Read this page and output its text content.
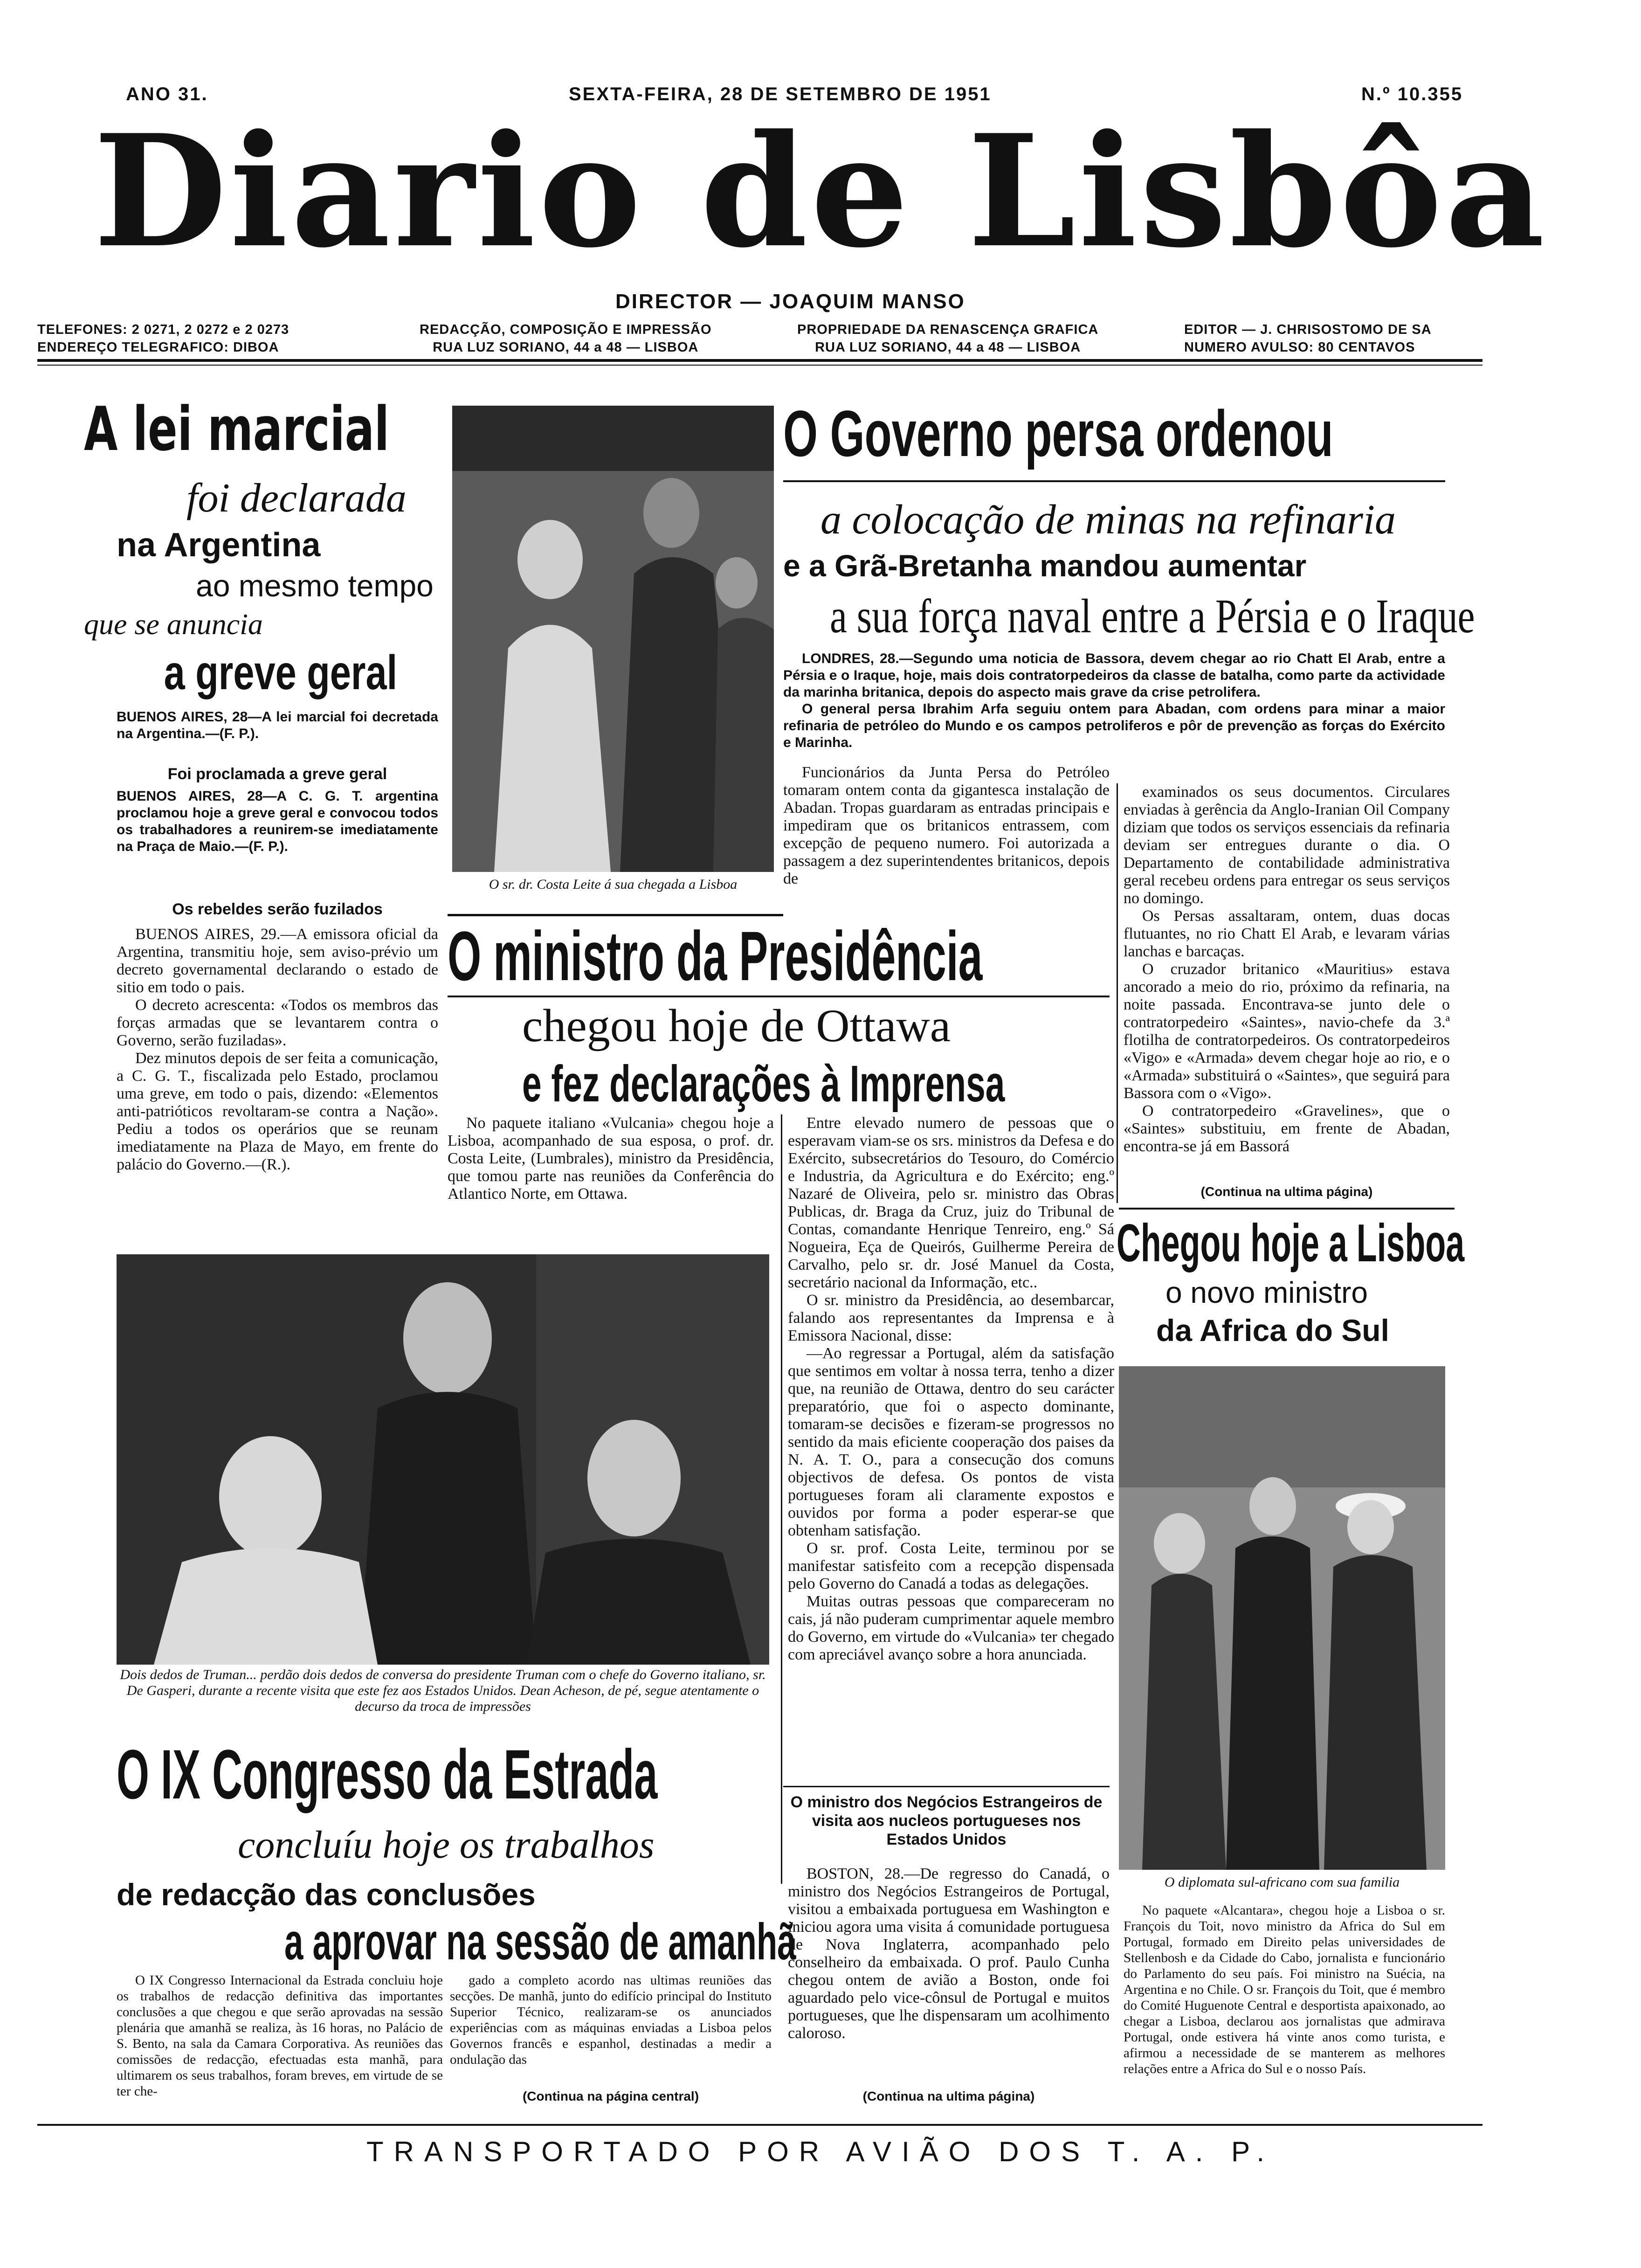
ANO 31.	SEXTA-FEIRA, 28 DE SETEMBRO DE 1951	N.º 10.355
Diario de Lisbôa
DIRECTOR — JOAQUIM MANSO
TELEFONES: 2 0271, 2 0272 e 2 0273
ENDEREÇO TELEGRAFICO: DIBOA
REDACÇÃO, COMPOSIÇÃO E IMPRESSÃO
RUA LUZ SORIANO, 44 a 48 — LISBOA
PROPRIEDADE DA RENASCENÇA GRAFICA
RUA LUZ SORIANO, 44 a 48 — LISBOA
EDITOR — J. CHRISOSTOMO DE SA
NUMERO AVULSO: 80 CENTAVOS
A lei marcial
foi declarada
na Argentina
ao mesmo tempo
que se anuncia
a greve geral
BUENOS AIRES, 28—A lei marcial foi decretada na Argentina.—(F. P.).
Foi proclamada a greve geral
BUENOS AIRES, 28—A C. G. T. argentina proclamou hoje a greve geral e convocou todos os trabalhadores a reunirem-se imediatamente na Praça de Maio.—(F. P.).
Os rebeldes serão fuzilados

BUENOS AIRES, 29.—A emissora oficial da Argentina, transmitiu hoje, sem aviso-prévio um decreto governamental declarando o estado de sitio em todo o pais.

O decreto acrescenta: «Todos os membros das forças armadas que se levantarem contra o Governo, serão fuziladas».

Dez minutos depois de ser feita a comunicação, a C. G. T., fiscalizada pelo Estado, proclamou uma greve, em todo o pais, dizendo: «Elementos anti-patrióticos revoltaram-se contra a Nação». Pediu a todos os operários que se reunam imediatamente na Plaza de Mayo, em frente do palácio do Governo.—(R.).

O sr. dr. Costa Leite á sua chegada a Lisboa
O Governo persa ordenou
a colocação de minas na refinaria
e a Grã-Bretanha mandou aumentar
a sua força naval entre a Pérsia e o Iraque

LONDRES, 28.—Segundo uma noticia de Bassora, devem chegar ao rio Chatt El Arab, entre a Pérsia e o Iraque, hoje, mais dois contratorpedeiros da classe de batalha, como parte da actividade da marinha britanica, depois do aspecto mais grave da crise petrolifera.

O general persa Ibrahim Arfa seguiu ontem para Abadan, com ordens para minar a maior refinaria de petróleo do Mundo e os campos petroliferos e pôr de prevenção as forças do Exército e Marinha.

Funcionários da Junta Persa do Petróleo tomaram ontem conta da gigantesca instalação de Abadan. Tropas guardaram as entradas principais e impediram que os britanicos entrassem, com excepção de pequeno numero. Foi autorizada a passagem a dez superintendentes britanicos, depois de

examinados os seus documentos. Circulares enviadas à gerência da Anglo-Iranian Oil Company diziam que todos os serviços essenciais da refinaria deviam ser entregues durante o dia. O Departamento de contabilidade administrativa geral recebeu ordens para entregar os seus serviços no domingo.

Os Persas assaltaram, ontem, duas docas flutuantes, no rio Chatt El Arab, e levaram várias lanchas e barcaças.

O cruzador britanico «Mauritius» estava ancorado a meio do rio, próximo da refinaria, na noite passada. Encontrava-se junto dele o contratorpedeiro «Saintes», navio-chefe da 3.ª flotilha de contratorpedeiros. Os contratorpedeiros «Vigo» e «Armada» devem chegar hoje ao rio, e o «Armada» substituirá o «Saintes», que seguirá para Bassora com o «Vigo».

O contratorpedeiro «Gravelines», que o «Saintes» substituiu, em frente de Abadan, encontra-se já em Bassorá

(Continua na ultima página)
O ministro da Presidência
chegou hoje de Ottawa
e fez declarações à Imprensa

No paquete italiano «Vulcania» chegou hoje a Lisboa, acompanhado de sua esposa, o prof. dr. Costa Leite, (Lumbrales), ministro da Presidência, que tomou parte nas reuniões da Conferência do Atlantico Norte, em Ottawa.

Entre elevado numero de pessoas que o esperavam viam-se os srs. ministros da Defesa e do Exército, subsecretários do Tesouro, do Comércio e Industria, da Agricultura e do Exército; eng.º Nazaré de Oliveira, pelo sr. ministro das Obras Publicas, dr. Braga da Cruz, juiz do Tribunal de Contas, comandante Henrique Tenreiro, eng.º Sá Nogueira, Eça de Queirós, Guilherme Pereira de Carvalho, pelo sr. dr. José Manuel da Costa, secretário nacional da Informação, etc..

O sr. ministro da Presidência, ao desembarcar, falando aos representantes da Imprensa e à Emissora Nacional, disse:

—Ao regressar a Portugal, além da satisfação que sentimos em voltar à nossa terra, tenho a dizer que, na reunião de Ottawa, dentro do seu carácter preparatório, que foi o aspecto dominante, tomaram-se decisões e fizeram-se progressos no sentido da mais eficiente cooperação dos paises da N. A. T. O., para a consecução dos comuns objectivos de defesa. Os pontos de vista portugueses foram ali claramente expostos e ouvidos por forma a poder esperar-se que obtenham satisfação.

O sr. prof. Costa Leite, terminou por se manifestar satisfeito com a recepção dispensada pelo Governo do Canadá a todas as delegações.

Muitas outras pessoas que compareceram no cais, já não puderam cumprimentar aquele membro do Governo, em virtude do «Vulcania» ter chegado com apreciável avanço sobre a hora anunciada.

Dois dedos de Truman... perdão dois dedos de conversa do presidente Truman com o chefe do Governo italiano, sr. De Gasperi, durante a recente visita que este fez aos Estados Unidos. Dean Acheson, de pé, segue atentamente o decurso da troca de impressões
O IX Congresso da Estrada
concluíu hoje os trabalhos
de redacção das conclusões
a aprovar na sessão de amanhã

O IX Congresso Internacional da Estrada concluiu hoje os trabalhos de redacção definitiva das importantes conclusões a que chegou e que serão aprovadas na sessão plenária que amanhã se realiza, às 16 horas, no Palácio de S. Bento, na sala da Camara Corporativa. As reuniões das comissões de redacção, efectuadas esta manhã, para ultimarem os seus trabalhos, foram breves, em virtude de se ter che-

gado a completo acordo nas ultimas reuniões das secções. De manhã, junto do edifício principal do Instituto Superior Técnico, realizaram-se os anunciados experiências com as máquinas enviadas a Lisboa pelos Governos francês e espanhol, destinadas a medir a ondulação das

(Continua na página central)
O ministro dos Negócios Estrangeiros de visita aos nucleos portugueses nos Estados Unidos

BOSTON, 28.—De regresso do Canadá, o ministro dos Negócios Estrangeiros de Portugal, visitou a embaixada portuguesa em Washington e iniciou agora uma visita á comunidade portuguesa de Nova Inglaterra, acompanhado pelo conselheiro da embaixada. O prof. Paulo Cunha chegou ontem de avião a Boston, onde foi aguardado pelo vice-cônsul de Portugal e muitos portugueses, que lhe dispensaram um acolhimento caloroso.

(Continua na ultima página)
Chegou hoje a Lisboa
o novo ministro
da Africa do Sul
O diplomata sul-africano com sua familia

No paquete «Alcantara», chegou hoje a Lisboa o sr. François du Toit, novo ministro da Africa do Sul em Portugal, formado em Direito pelas universidades de Stellenbosh e da Cidade do Cabo, jornalista e funcionário do Parlamento do seu país. Foi ministro na Suécia, na Argentina e no Chile. O sr. François du Toit, que é membro do Comité Huguenote Central e desportista apaixonado, ao chegar a Lisboa, declarou aos jornalistas que admirava Portugal, onde estivera há vinte anos como turista, e afirmou a necessidade de se manterem as melhores relações entre a Africa do Sul e o nosso País.

TRANSPORTADO POR AVIÃO DOS T. A. P.
